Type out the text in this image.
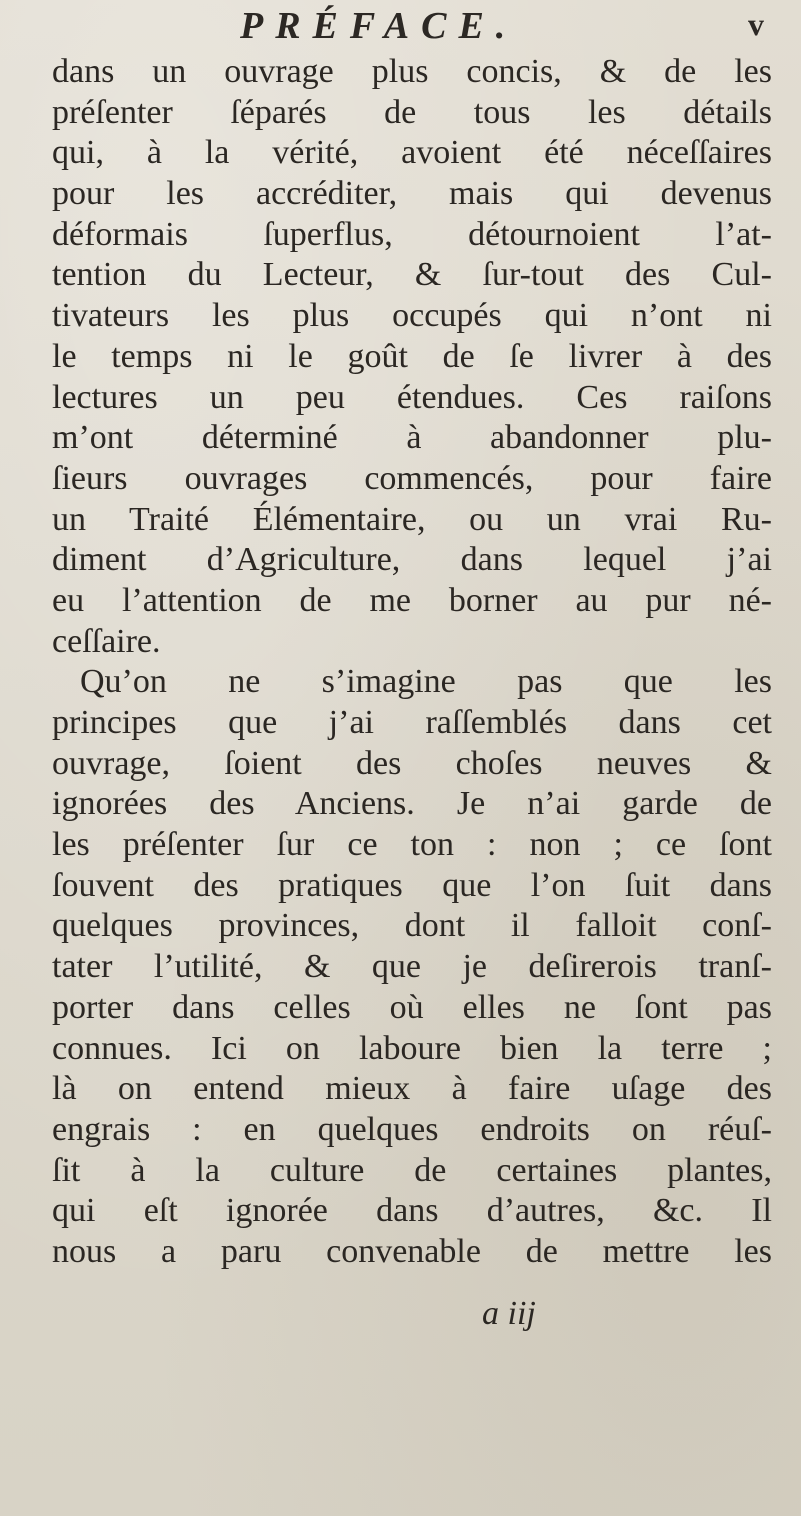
PRÉFACE.	v
dans un ouvrage plus concis, & de les
préſenter ſéparés de tous les détails
qui, à la vérité, avoient été néceſſaires
pour les accréditer, mais qui devenus
déformais ſuperflus, détournoient l’at-
tention du Lecteur, & ſur-tout des Cul-
tivateurs les plus occupés qui n’ont ni
le temps ni le goût de ſe livrer à des
lectures un peu étendues. Ces raiſons
m’ont déterminé à abandonner plu-
ſieurs ouvrages commencés, pour faire
un Traité Élémentaire, ou un vrai Ru-
diment d’Agriculture, dans lequel j’ai
eu l’attention de me borner au pur né-
ceſſaire.
Qu’on ne s’imagine pas que les
principes que j’ai raſſemblés dans cet
ouvrage, ſoient des choſes neuves &
ignorées des Anciens. Je n’ai garde de
les préſenter ſur ce ton : non ; ce ſont
ſouvent des pratiques que l’on ſuit dans
quelques provinces, dont il falloit conſ-
tater l’utilité, & que je deſirerois tranſ-
porter dans celles où elles ne ſont pas
connues. Ici on laboure bien la terre ;
là on entend mieux à faire uſage des
engrais : en quelques endroits on réuſ-
ſit à la culture de certaines plantes,
qui eſt ignorée dans d’autres, &c. Il
nous a paru convenable de mettre les
a iij
